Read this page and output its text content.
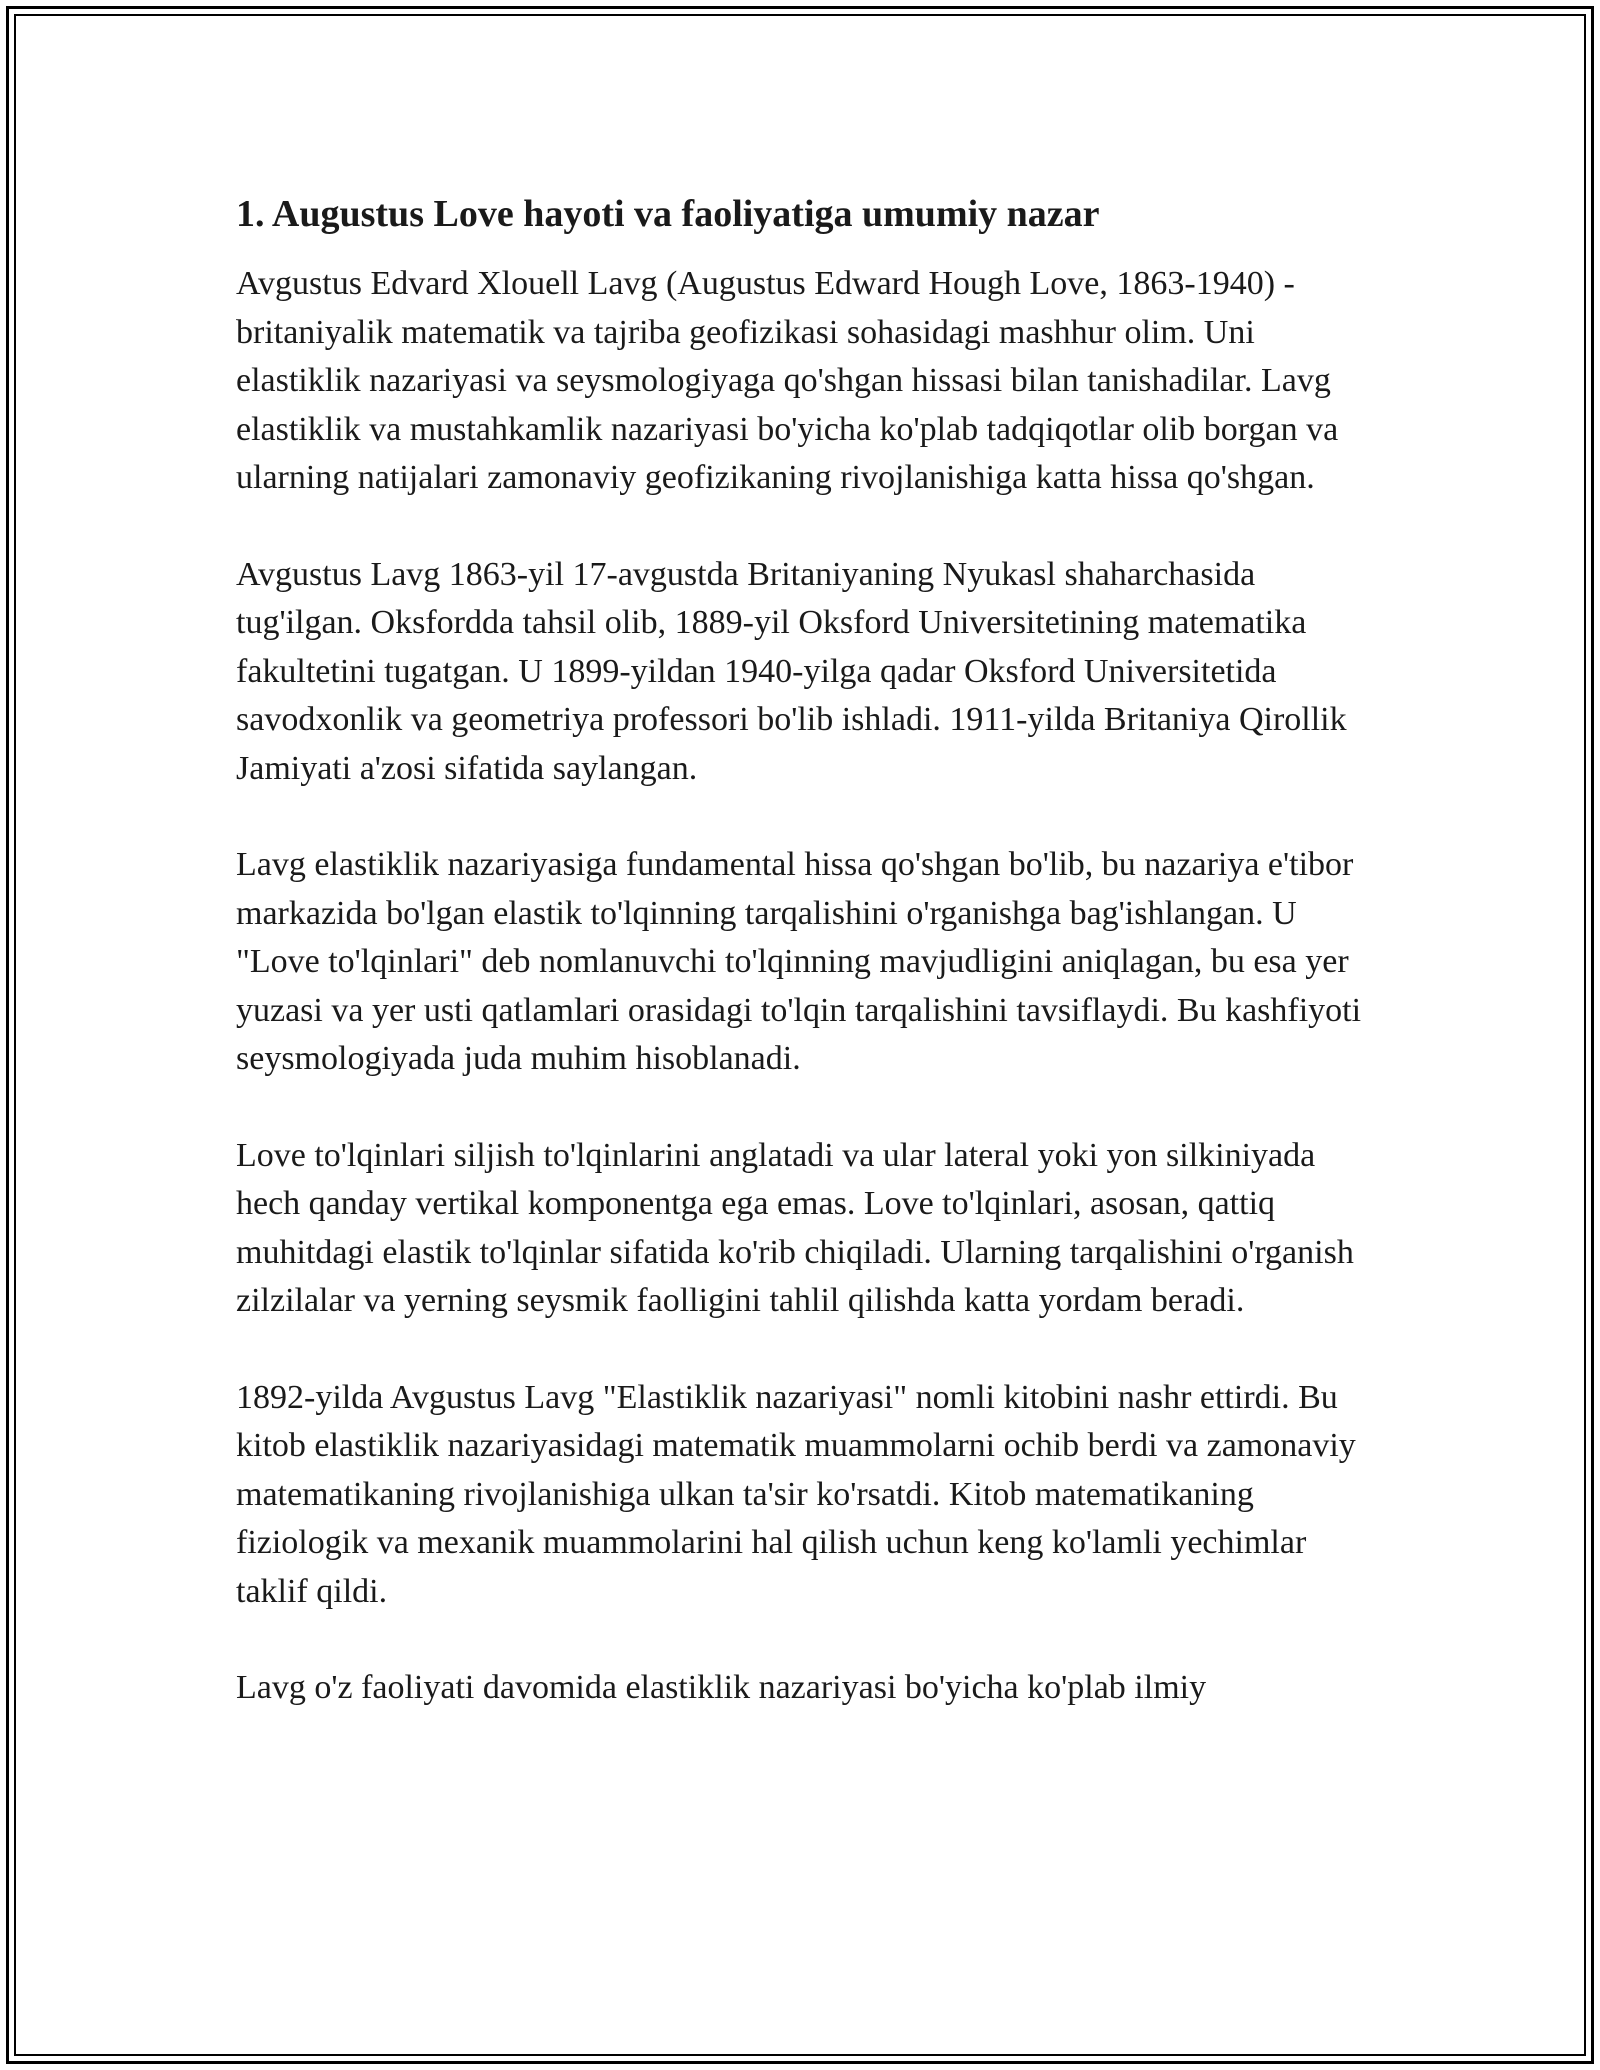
1. Augustus Love hayoti va faoliyatiga umumiy nazar

Avgustus Edvard Xlouell Lavg (Augustus Edward Hough Love, 1863-1940) - britaniyalik matematik va tajriba geofizikasi sohasidagi mashhur olim. Uni elastiklik nazariyasi va seysmologiyaga qo'shgan hissasi bilan tanishadilar. Lavg elastiklik va mustahkamlik nazariyasi bo'yicha ko'plab tadqiqotlar olib borgan va ularning natijalari zamonaviy geofizikaning rivojlanishiga katta hissa qo'shgan.

Avgustus Lavg 1863-yil 17-avgustda Britaniyaning Nyukasl shaharchasida tug'ilgan. Oksfordda tahsil olib, 1889-yil Oksford Universitetining matematika fakultetini tugatgan. U 1899-yildan 1940-yilga qadar Oksford Universitetida savodxonlik va geometriya professori bo'lib ishladi. 1911-yilda Britaniya Qirollik Jamiyati a'zosi sifatida saylangan.

Lavg elastiklik nazariyasiga fundamental hissa qo'shgan bo'lib, bu nazariya e'tibor markazida bo'lgan elastik to'lqinning tarqalishini o'rganishga bag'ishlangan. U "Love to'lqinlari" deb nomlanuvchi to'lqinning mavjudligini aniqlagan, bu esa yer yuzasi va yer usti qatlamlari orasidagi to'lqin tarqalishini tavsiflaydi. Bu kashfiyoti seysmologiyada juda muhim hisoblanadi.

Love to'lqinlari siljish to'lqinlarini anglatadi va ular lateral yoki yon silkiniyada hech qanday vertikal komponentga ega emas. Love to'lqinlari, asosan, qattiq muhitdagi elastik to'lqinlar sifatida ko'rib chiqiladi. Ularning tarqalishini o'rganish zilzilalar va yerning seysmik faolligini tahlil qilishda katta yordam beradi.

1892-yilda Avgustus Lavg "Elastiklik nazariyasi" nomli kitobini nashr ettirdi. Bu kitob elastiklik nazariyasidagi matematik muammolarni ochib berdi va zamonaviy matematikaning rivojlanishiga ulkan ta'sir ko'rsatdi. Kitob matematikaning fiziologik va mexanik muammolarini hal qilish uchun keng ko'lamli yechimlar taklif qildi.

Lavg o'z faoliyati davomida elastiklik nazariyasi bo'yicha ko'plab ilmiy
